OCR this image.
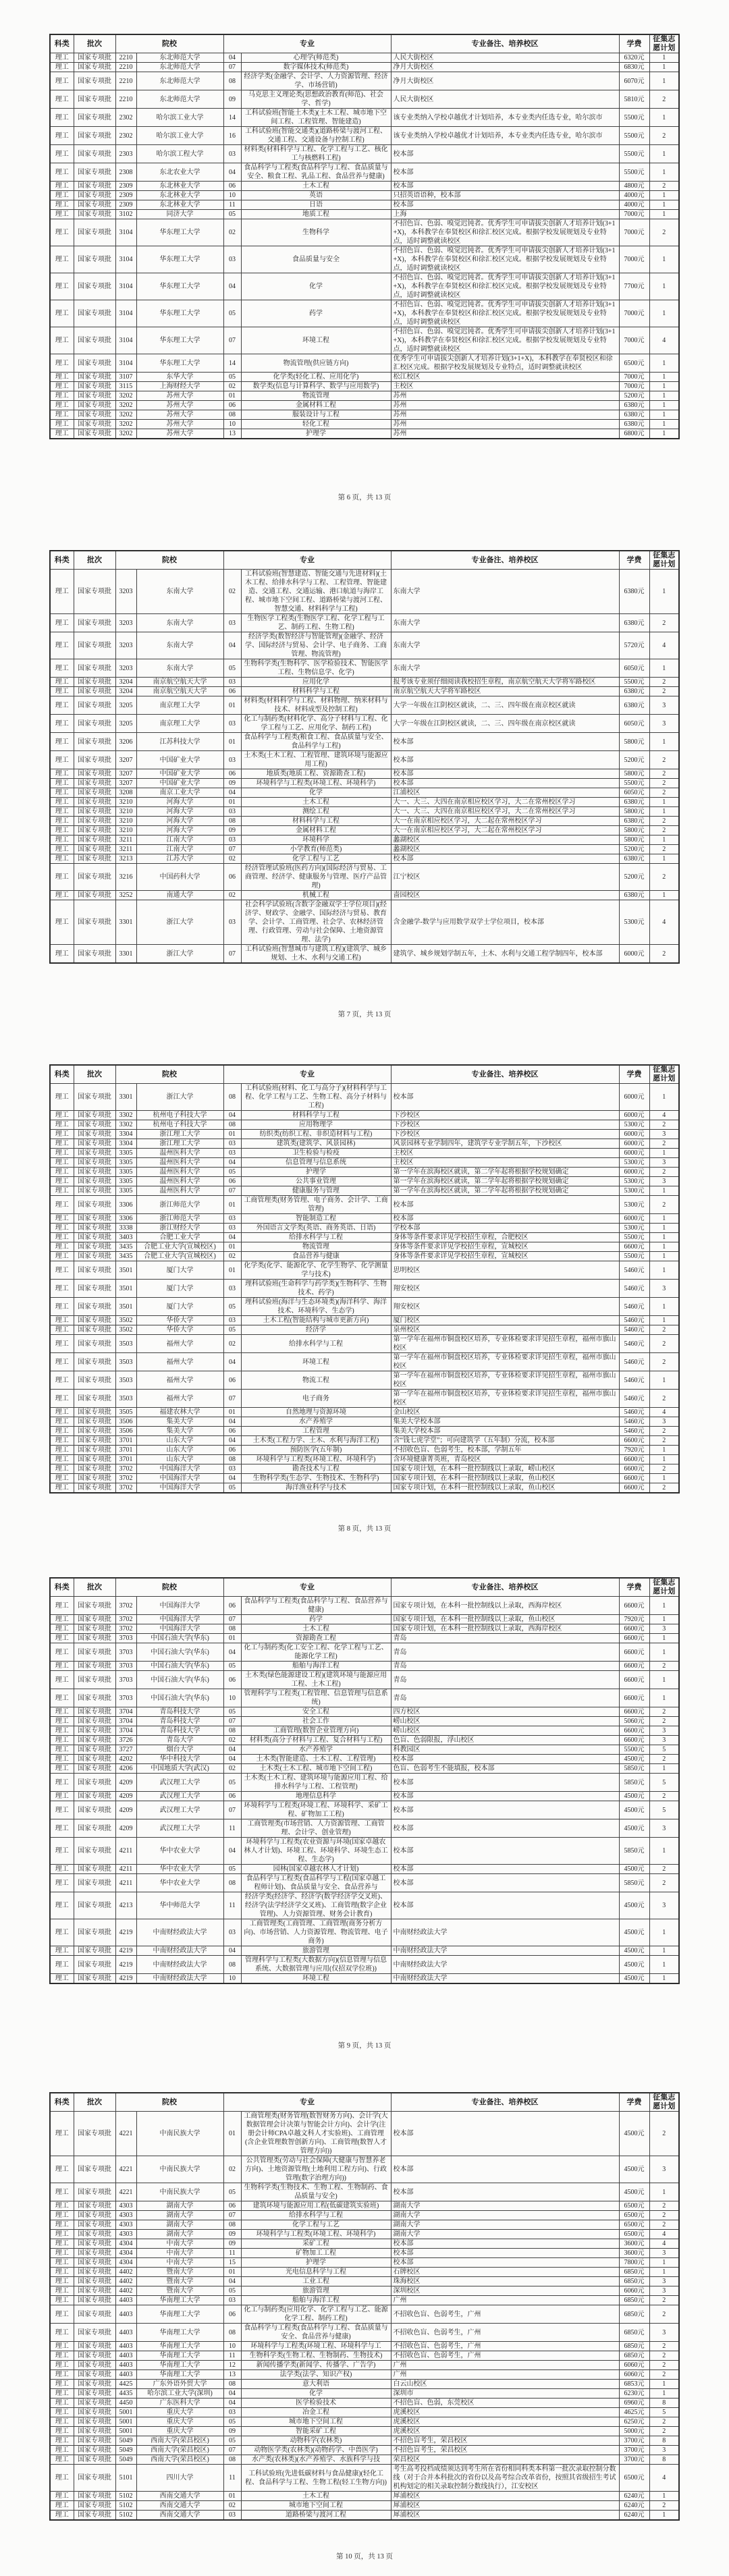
科类	批次	院校		专业		专业备注、培养校区	学费	征集志愿计划
理工	国家专项批	2210	东北师范大学	04	心理学(师范类)	人民大街校区	6320元	1
理工	国家专项批	2210	东北师范大学	07	数字媒体技术(师范类)	净月大街校区	6830元	1
理工	国家专项批	2210	东北师范大学	08	经济学类(金融学、会计学、人力资源管理、经济学、市场营销)	净月大街校区	6070元	1
理工	国家专项批	2210	东北师范大学	09	马克思主义理论类(思想政治教育(师范)、社会学、哲学)	人民大街校区	5810元	2
理工	国家专项批	2302	哈尔滨工业大学	14	工科试验班(智能土木类)(土木工程、城市地下空间工程、工程管理、智能建造)	该专业类纳入学校卓越优才计划培养，本专业类内任选专业，哈尔滨市	5500元	1
理工	国家专项批	2302	哈尔滨工业大学	16	工科试验班(智能交通类)(道路桥梁与渡河工程、交通工程、交通设备与控制工程)	该专业类纳入学校卓越优才计划培养，本专业类内任选专业，哈尔滨市	5500元	2
理工	国家专项批	2303	哈尔滨工程大学	03	材料类(材料科学与工程、化学工程与工艺、核化工与核燃料工程)	校本部	5500元	1
理工	国家专项批	2308	东北农业大学	04	食品科学与工程类(食品科学与工程、食品质量与安全、粮食工程、乳品工程、食品营养与健康)	校本部	5500元	1
理工	国家专项批	2309	东北林业大学	06	土木工程	校本部	4800元	2
理工	国家专项批	2309	东北林业大学	10	英语	只招英语语种，校本部	4000元	1
理工	国家专项批	2309	东北林业大学	11	日语	校本部	4000元	1
理工	国家专项批	3102	同济大学	05	地质工程	上海	7000元	1
理工	国家专项批	3104	华东理工大学	02	生物科学	不招色盲、色弱、嗅觉迟钝者。优秀学生可申请拔尖创新人才培养计划(3+1+X)，本科教学在奉贤校区和徐汇校区完成。根据学校发展规划及专业特点，适时调整就读校区	7000元	2
理工	国家专项批	3104	华东理工大学	03	食品质量与安全	不招色盲、色弱、嗅觉迟钝者。优秀学生可申请拔尖创新人才培养计划(3+1+X)，本科教学在奉贤校区和徐汇校区完成。根据学校发展规划及专业特点，适时调整就读校区	7000元	1
理工	国家专项批	3104	华东理工大学	04	化学	不招色盲、色弱、嗅觉迟钝者。优秀学生可申请拔尖创新人才培养计划(3+1+X)，本科教学在奉贤校区和徐汇校区完成。根据学校发展规划及专业特点，适时调整就读校区	7700元	1
理工	国家专项批	3104	华东理工大学	05	药学	不招色盲、色弱、嗅觉迟钝者。优秀学生可申请拔尖创新人才培养计划(3+1+X)，本科教学在奉贤校区和徐汇校区完成。根据学校发展规划及专业特点，适时调整就读校区	7000元	1
理工	国家专项批	3104	华东理工大学	07	环境工程	不招色盲、色弱、嗅觉迟钝者。优秀学生可申请拔尖创新人才培养计划(3+1+X)，本科教学在奉贤校区和徐汇校区完成。根据学校发展规划及专业特点，适时调整就读校区	7000元	4
理工	国家专项批	3104	华东理工大学	14	物流管理(供应链方向)	优秀学生可申请拔尖创新人才培养计划(3+1+X)，本科教学在奉贤校区和徐汇校区完成。根据学校发展规划及专业特点，适时调整就读校区	6500元	1
理工	国家专项批	3107	东华大学	05	化学类(轻化工程、应用化学)	松江校区	7000元	1
理工	国家专项批	3115	上海财经大学	02	数学类(信息与计算科学、数学与应用数学)	主校区	7000元	1
理工	国家专项批	3202	苏州大学	01	物流管理	苏州	5200元	1
理工	国家专项批	3202	苏州大学	06	金属材料工程	苏州	6380元	1
理工	国家专项批	3202	苏州大学	08	服装设计与工程	苏州	6380元	1
理工	国家专项批	3202	苏州大学	10	轻化工程	苏州	6380元	1
理工	国家专项批	3202	苏州大学	13	护理学	苏州	6800元	1
第 6 页，共 13 页
科类	批次	院校		专业		专业备注、培养校区	学费	征集志愿计划
理工	国家专项批	3203	东南大学	02	工科试验班(智慧建造、智能交通与先进材料)(土木工程、给排水科学与工程、工程管理、智能建造、交通工程、交通运输、港口航道与海岸工程、城市地下空间工程、道路桥梁与渡河工程、智慧交通、材料科学与工程)	东南大学	6380元	1
理工	国家专项批	3203	东南大学	03	生物医学工程类(生物医学工程、化学工程与工艺、制药工程、生物工程)	东南大学	6380元	2
理工	国家专项批	3203	东南大学	04	经济学类(数智经济与智能管理)(金融学、经济学、国际经济与贸易、会计学、电子商务、工商管理、物流管理)	东南大学	5720元	4
理工	国家专项批	3203	东南大学	05	生物科学类(生物科学、医学检验技术、智能医学工程、生物信息学、化学)	东南大学	6050元	1
理工	国家专项批	3204	南京航空航天大学	03	应用化学	报考该专业须仔细阅读我校招生章程，南京航空航天大学将军路校区	5500元	2
理工	国家专项批	3204	南京航空航天大学	06	材料科学与工程	南京航空航天大学将军路校区	6380元	2
理工	国家专项批	3205	南京理工大学	01	材料类(材料科学与工程、材料物理、纳米材料与技术、材料成型及控制工程)	大学一年级在江阴校区就读，二、三、四年级在南京校区就读	6380元	3
理工	国家专项批	3205	南京理工大学	03	化工与制药类(材料化学、高分子材料与工程、化学工程与工艺、应用化学、制药工程)	大学一年级在江阴校区就读，二、三、四年级在南京校区就读	6050元	3
理工	国家专项批	3206	江苏科技大学	01	食品科学与工程类(粮食工程、食品质量与安全、食品科学与工程)	校本部	5800元	1
理工	国家专项批	3207	中国矿业大学	03	土木类(土木工程、工程管理、建筑环境与能源应用工程)	校本部	5200元	2
理工	国家专项批	3207	中国矿业大学	06	地质类(地质工程、资源勘查工程)	校本部	5800元	2
理工	国家专项批	3207	中国矿业大学	09	环境科学与工程类(环境工程、环境科学)	校本部	5500元	2
理工	国家专项批	3208	南京工业大学	04	化学	江浦校区	6050元	2
理工	国家专项批	3210	河海大学	01	土木工程	大一、大三、大四在南京相应校区学习，大二在常州校区学习	6380元	1
理工	国家专项批	3210	河海大学	03	测绘工程	大一、大三、大四在南京相应校区学习，大二在常州校区学习	5800元	1
理工	国家专项批	3210	河海大学	08	材料科学与工程	大一在南京相应校区学习，大二起在常州校区学习	6380元	2
理工	国家专项批	3210	河海大学	09	金属材料工程	大一在南京相应校区学习，大二起在常州校区学习	5800元	2
理工	国家专项批	3211	江南大学	03	环境科学	蠡湖校区	5800元	1
理工	国家专项批	3211	江南大学	07	小学教育(师范类)	蠡湖校区	5200元	2
理工	国家专项批	3213	江苏大学	02	化学工程与工艺	校本部	6380元	1
理工	国家专项批	3216	中国药科大学	06	经济管理试验班(医药方向)(国际经济与贸易、工商管理、经济学、健康服务与管理、医疗产品管理)	江宁校区	5200元	2
理工	国家专项批	3252	南通大学	02	机械工程	啬园校区	6380元	1
理工	国家专项批	3301	浙江大学	03	社会科学试验班(含数字金融双学士学位项目)(经济学、财政学、金融学、国际经济与贸易、教育学、会计学、工商管理、社会学、农林经济管理、行政管理、劳动与社会保障、土地资源管理、法学)	含金融学-数学与应用数学双学士学位项目，校本部	5300元	4
理工	国家专项批	3301	浙江大学	07	工科试验班(智慧城市与建筑工程)(建筑学、城乡规划、土木、水利与交通工程)	建筑学、城乡规划学制五年，土木、水利与交通工程学制四年，校本部	6000元	2
第 7 页，共 13 页
科类	批次	院校		专业		专业备注、培养校区	学费	征集志愿计划
理工	国家专项批	3301	浙江大学	08	工科试验班(材料、化工与高分子)(材料科学与工程、化学工程与工艺、生物工程、高分子材料与工程)	校本部	6000元	1
理工	国家专项批	3302	杭州电子科技大学	04	材料科学与工程	下沙校区	6000元	4
理工	国家专项批	3302	杭州电子科技大学	08	应用物理学	下沙校区	5300元	2
理工	国家专项批	3304	浙江理工大学	01	纺织类(纺织工程、非织造材料与工程)	下沙校区	6000元	3
理工	国家专项批	3304	浙江理工大学	03	建筑类(建筑学、风景园林)	风景园林专业学制四年，建筑学专业学制五年，下沙校区	6000元	2
理工	国家专项批	3305	温州医科大学	03	卫生检验与检疫	主校区	6000元	1
理工	国家专项批	3305	温州医科大学	04	信息管理与信息系统	主校区	5300元	3
理工	国家专项批	3305	温州医科大学	05	护理学	第一学年在滨海校区就读，第二学年起将根据学校规划确定	6000元	2
理工	国家专项批	3305	温州医科大学	06	公共事业管理	第一学年在滨海校区就读，第二学年起将根据学校规划确定	5300元	3
理工	国家专项批	3305	温州医科大学	07	健康服务与管理	第一学年在滨海校区就读，第二学年起将根据学校规划确定	5300元	1
理工	国家专项批	3306	浙江师范大学	01	工商管理类(财务管理、电子商务、会计学、工商管理)	校本部	5300元	2
理工	国家专项批	3306	浙江师范大学	03	智能制造工程	校本部	6000元	1
理工	国家专项批	3338	浙江财经大学	03	外国语言文学类(英语、商务英语、日语)	学校本部	5300元	1
理工	国家专项批	3403	合肥工业大学	04	给排水科学与工程	身体等条件要求详见学校招生章程，合肥校区	5500元	1
理工	国家专项批	3435	合肥工业大学(宣城校区)	01	物流管理	身体等条件要求详见学校招生章程，宣城校区	6600元	1
理工	国家专项批	3435	合肥工业大学(宣城校区)	02	食品营养与健康	身体等条件要求详见学校招生章程，宣城校区	5500元	1
理工	国家专项批	3501	厦门大学	01	化学类(化学、能源化学、化学生物学、化学测量学与技术)	思明校区	5460元	1
理工	国家专项批	3501	厦门大学	03	理科试验班(生命科学与药学类)(生物科学、生物技术、药学)	翔安校区	5460元	3
理工	国家专项批	3501	厦门大学	05	理科试验班(海洋与生态环境类)(海洋科学、海洋技术、环境科学、生态学)	翔安校区	5460元	1
理工	国家专项批	3502	华侨大学	03	土木工程(智能结构与城市更新方向)	厦门校区	5460元	1
理工	国家专项批	3502	华侨大学	05	经济学	泉州校区	5460元	2
理工	国家专项批	3503	福州大学	02	给排水科学与工程	第一学年在福州市铜盘校区培养，专业体检要求详见招生章程，福州市旗山校区	5460元	2
理工	国家专项批	3503	福州大学	04	环境工程	第一学年在福州市铜盘校区培养，专业体检要求详见招生章程，福州市旗山校区	5460元	2
理工	国家专项批	3503	福州大学	06	物流工程	第一学年在福州市铜盘校区培养，专业体检要求详见招生章程，福州市旗山校区	5460元	1
理工	国家专项批	3503	福州大学	07	电子商务	第一学年在福州市铜盘校区培养，专业体检要求详见招生章程，福州市旗山校区	5460元	2
理工	国家专项批	3505	福建农林大学	01	自然地理与资源环境	金山校区	5460元	4
理工	国家专项批	3506	集美大学	04	水产养殖学	集美大学校本部	5460元	3
理工	国家专项批	3506	集美大学	06	工程管理	集美大学校本部	5460元	2
理工	国家专项批	3701	山东大学	04	土木类(工程力学、土木、水利与海洋工程)	含“钱七虎学堂”；可向建筑学（五年制）分流，校本部	6600元	2
理工	国家专项批	3701	山东大学	06	预防医学(五年制)	不招收色盲、色弱考生，校本部，学制五年	7920元	1
理工	国家专项批	3701	山东大学	08	环境科学与工程类(环境工程、环境科学)	含环境健康菁英班，青岛校区	6600元	1
理工	国家专项批	3702	中国海洋大学	03	勘查技术与工程	国家专项计划，在本科一批控制线以上录取，崂山校区	6600元	2
理工	国家专项批	3702	中国海洋大学	04	生物科学类(生态学、生物技术、生物科学)	国家专项计划，在本科一批控制线以上录取，鱼山校区	6600元	1
理工	国家专项批	3702	中国海洋大学	05	海洋渔业科学与技术	国家专项计划，在本科一批控制线以上录取，鱼山校区	6600元	2
第 8 页，共 13 页
科类	批次	院校		专业		专业备注、培养校区	学费	征集志愿计划
理工	国家专项批	3702	中国海洋大学	06	食品科学与工程类(食品科学与工程、食品营养与健康)	国家专项计划，在本科一批控制线以上录取，西海岸校区	6600元	1
理工	国家专项批	3702	中国海洋大学	07	药学	国家专项计划，在本科一批控制线以上录取，鱼山校区	7920元	1
理工	国家专项批	3702	中国海洋大学	08	土木工程	国家专项计划，在本科一批控制线以上录取，西海岸校区	6600元	3
理工	国家专项批	3703	中国石油大学(华东)	01	资源勘查工程	青岛	6600元	1
理工	国家专项批	3703	中国石油大学(华东)	04	化工与制药类(化工安全工程、化学工程与工艺、能源化学工程)	青岛	6600元	1
理工	国家专项批	3703	中国石油大学(华东)	05	船舶与海洋工程	青岛	6600元	2
理工	国家专项批	3703	中国石油大学(华东)	06	土木类(绿色能源建设工程)(建筑环境与能源应用工程、土木工程)	青岛	6600元	1
理工	国家专项批	3703	中国石油大学(华东)	10	管理科学与工程类(工程管理、信息管理与信息系统)	青岛	6600元	1
理工	国家专项批	3704	青岛科技大学	05	安全工程	四方校区	6600元	2
理工	国家专项批	3704	青岛科技大学	07	社会工作	崂山校区	5060元	2
理工	国家专项批	3704	青岛科技大学	08	工商管理(数智企业管理方向)	崂山校区	6600元	3
理工	国家专项批	3726	青岛大学	02	材料类(高分子材料与工程、复合材料与工程)	色盲、色弱限报，浮山校区	6600元	3
理工	国家专项批	3727	烟台大学	04	水产养殖学	科教园区	5500元	5
理工	国家专项批	4202	华中科技大学	04	土木类(智能建造、土木工程、工程管理)	校本部	4500元	2
理工	国家专项批	4206	中国地质大学(武汉)	02	土木类(土木工程、城市地下空间工程)	色盲、色弱考生不能填报，校本部	5850元	1
理工	国家专项批	4209	武汉理工大学	05	土木类(土木工程、建筑环境与能源应用工程、给排水科学与工程、工程管理)	校本部	5850元	5
理工	国家专项批	4209	武汉理工大学	06	地理信息科学	校本部	4500元	2
理工	国家专项批	4209	武汉理工大学	07	环境科学与工程类(环境工程、环境科学、采矿工程、矿物加工工程)	校本部	4500元	5
理工	国家专项批	4209	武汉理工大学	11	工商管理类(市场营销、人力资源管理、工商管理、会计学、创业管理)	校本部	4500元	3
理工	国家专项批	4211	华中农业大学	04	环境科学与工程类(农业资源与环境(国家卓越农林人才计划)、环境工程、环境科学、环境生态工程、生态学)	校本部	5850元	1
理工	国家专项批	4211	华中农业大学	05	园林(国家卓越农林人才计划)	校本部	4500元	2
理工	国家专项批	4211	华中农业大学	08	食品科学与工程类(食品科学与工程(国家卓越工程师计划)、食品质量与安全、食品营养与	校本部	5850元	2
理工	国家专项批	4213	华中师范大学	11	经济学类(经济学、经济学(数学经济学交叉班)、经济学(法学经济学交叉班)、工商管理(数字企业管理)、人力资源管理、财务会计教育)	校本部	4500元	3
理工	国家专项批	4219	中南财经政法大学	03	工商管理类(工商管理、工商管理(商务分析方向)、市场营销、人力资源管理、物流管理、电子商务)	中南财经政法大学	4500元	1
理工	国家专项批	4219	中南财经政法大学	04	旅游管理	中南财经政法大学	4500元	1
理工	国家专项批	4219	中南财经政法大学	08	管理科学与工程类(大数据方向)(信息管理与信息系统、大数据管理与应用(仅招双学位班))	中南财经政法大学	4500元	1
理工	国家专项批	4219	中南财经政法大学	10	环境工程	中南财经政法大学	4500元	1
第 9 页，共 13 页
科类	批次	院校		专业		专业备注、培养校区	学费	征集志愿计划
理工	国家专项批	4221	中南民族大学	01	工商管理类(财务管理(数智财务方向)、会计学(大数据管理会计决策与智能会计方向)、会计学(注册会计师CPA卓越文科人才实验班)、工商管理(含企业管理数智创新方向)、工商管理(数智人才管理方向))	校本部	4500元	2
理工	国家专项批	4221	中南民族大学	02	公共管理类(劳动与社会保障(大健康与智慧养老方向)、土地资源管理(土地利用工程方向)、行政管理(数字治理方向))	校本部	4500元	3
理工	国家专项批	4221	中南民族大学	05	生物科学类(生物技术、生物工程、生物制药、食品质量与安全)	校本部	4500元	1
理工	国家专项批	4303	湖南大学	06	建筑环境与能源应用工程(低碳建筑实验班)	湖南大学	6500元	2
理工	国家专项批	4303	湖南大学	07	给排水科学与工程	湖南大学	6500元	2
理工	国家专项批	4303	湖南大学	08	化学工程与工艺	湖南大学	6500元	2
理工	国家专项批	4303	湖南大学	09	环境科学与工程类(环境工程、环境科学)	湖南大学	6500元	4
理工	国家专项批	4304	中南大学	09	采矿工程	校本部	3600元	4
理工	国家专项批	4304	中南大学	11	矿物加工工程	校本部	3600元	3
理工	国家专项批	4304	中南大学	15	护理学	校本部	7800元	1
理工	国家专项批	4402	暨南大学	01	光电信息科学与工程	石牌校区	6850元	1
理工	国家专项批	4402	暨南大学	04	工业工程	珠海校区	6850元	3
理工	国家专项批	4402	暨南大学	05	旅游管理	深圳校区	6060元	3
理工	国家专项批	4403	华南理工大学	03	船舶与海洋工程	广州	6850元	2
理工	国家专项批	4403	华南理工大学	06	化工与制药类(应用化学、化学工程与工艺、能源化学工程、制药工程)	不招收色盲、色弱考生，广州	6850元	2
理工	国家专项批	4403	华南理工大学	08	食品科学与工程类(食品科学与工程、食品质量与安全、食品营养与健康)	不招收色盲、色弱考生，广州	6850元	3
理工	国家专项批	4403	华南理工大学	10	环境科学与工程类(环境工程、环境科学与工	不招收色盲、色弱考生，广州	6850元	2
理工	国家专项批	4403	华南理工大学	11	生物科学类(生物工程、生物制药、生物技术)	不招收色盲、色弱考生，广州	6850元	2
理工	国家专项批	4403	华南理工大学	12	新闻传播学类(新闻学、传播学、广告学)	广州	6060元	2
理工	国家专项批	4403	华南理工大学	13	法学类(法学、知识产权)	广州	6060元	2
理工	国家专项批	4425	广东外语外贸大学	08	意大利语	白云山校区	6853元	1
理工	国家专项批	4435	哈尔滨工业大学(深圳)	04	化学	深圳市	6230元	1
理工	国家专项批	4450	广东医科大学	04	医学检验技术	不招色盲、色弱，东莞校区	6960元	8
理工	国家专项批	5001	重庆大学	03	冶金工程	虎溪校区	4625元	5
理工	国家专项批	5001	重庆大学	05	城市地下空间工程	虎溪校区	6250元	2
理工	国家专项批	5001	重庆大学	09	智能采矿工程	虎溪校区	5000元	2
理工	国家专项批	5049	西南大学(荣昌校区)	05	动物科学(农林类)	不招色盲考生，荣昌校区	3700元	8
理工	国家专项批	5049	西南大学(荣昌校区)	07	动物医学类(农林类)(动物药学、中兽医学)	不招色盲考生，荣昌校区	3700元	3
理工	国家专项批	5049	西南大学(荣昌校区)	08	水产类(农林类)(水产养殖学、水族科学与技	荣昌校区	3700元	8
理工	国家专项批	5101	四川大学	11	工科试验班(先进低碳材料与食品健康)(轻化工程、食品科学与工程、生物工程(轻工生物方向))	考生高考投档成绩须达到考生所在省份相同科类本科第一批次录取控制分数线（对于合并本科批次的省份以及高考综合改革省份，按照其省级招生考试机构划定的相关录取控制分数线执行），江安校区	6500元	4
理工	国家专项批	5102	西南交通大学	01	土木工程	犀浦校区	6240元	1
理工	国家专项批	5102	西南交通大学	02	城市地下空间工程	犀浦校区	6240元	2
理工	国家专项批	5102	西南交通大学	03	道路桥梁与渡河工程	犀浦校区	6240元	1
第 10 页，共 13 页
